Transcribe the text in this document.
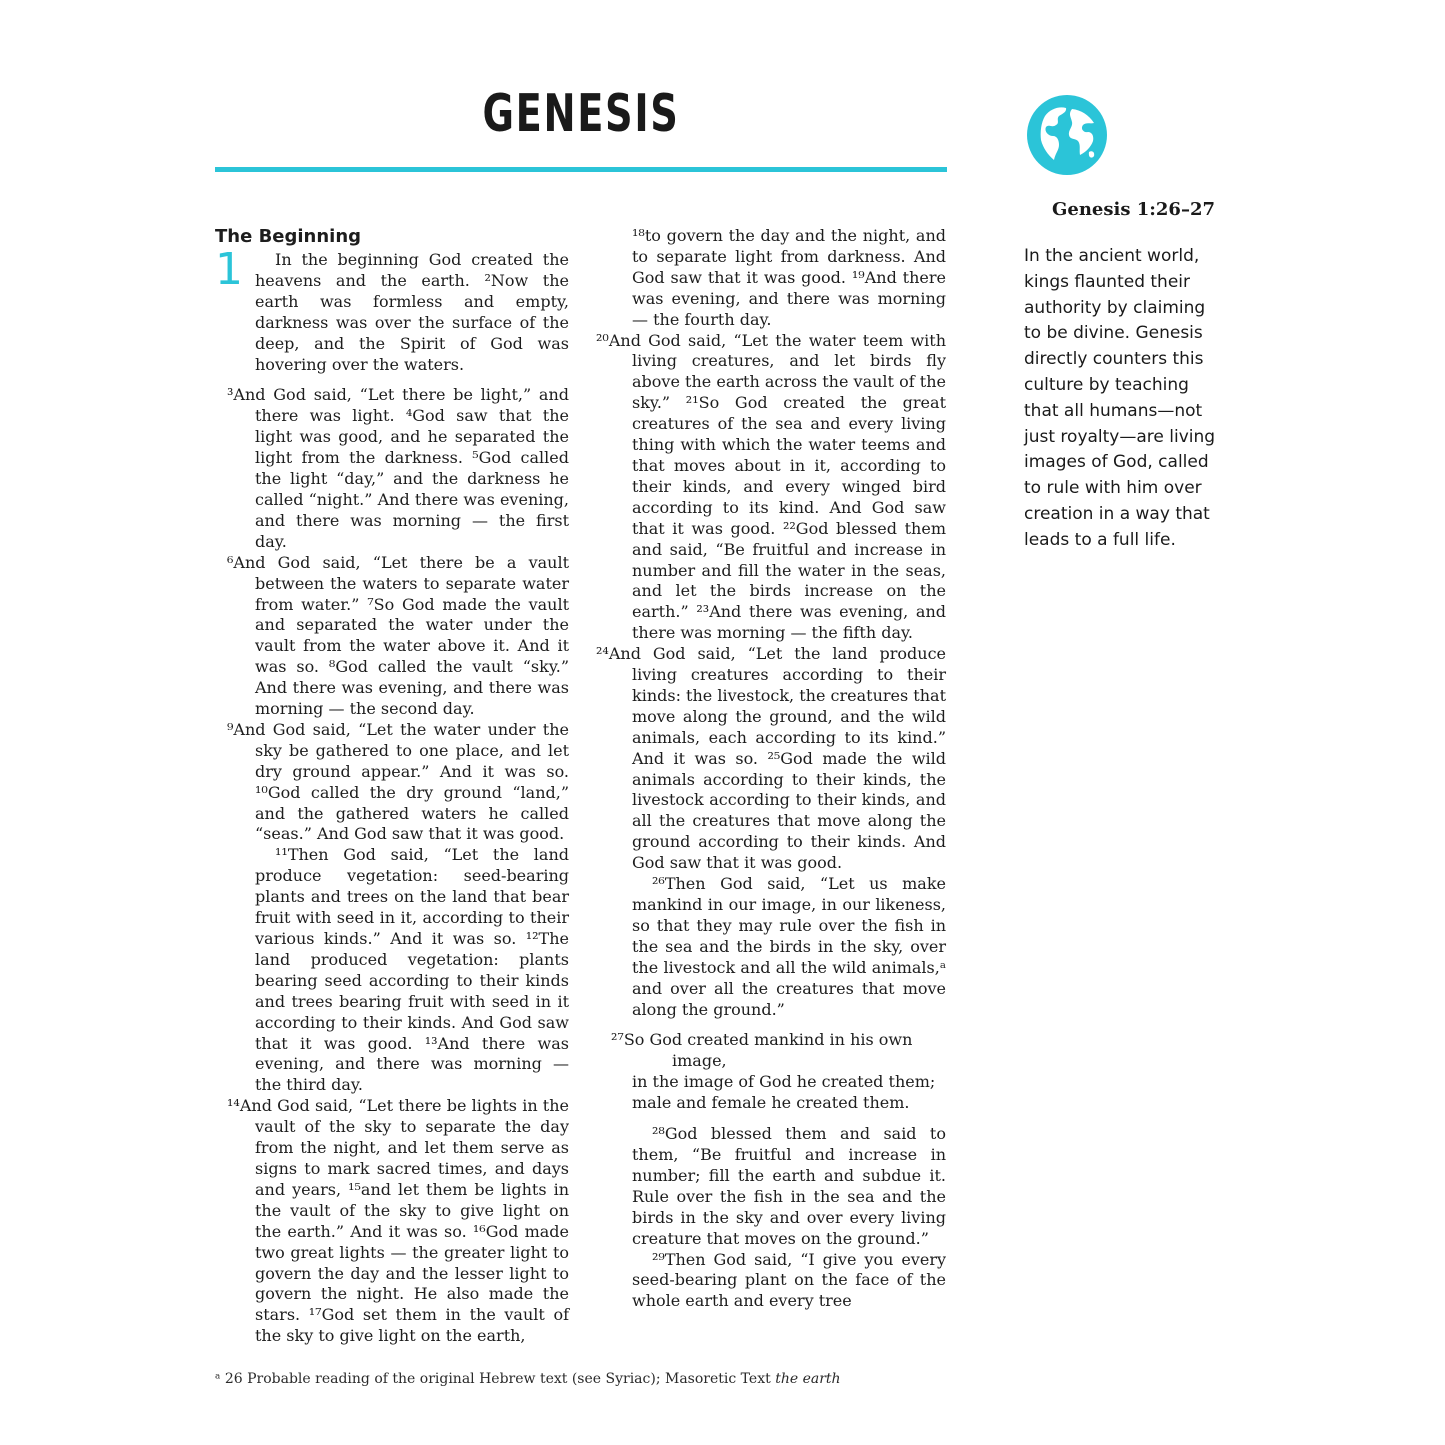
GENESIS
The Beginning
1	In the beginning God created the heavens and the earth. ²Now the earth was formless and empty, darkness was over the surface of the deep, and the Spirit of God was hovering over the waters.

³And God said, “Let there be light,” and there was light. ⁴God saw that the light was good, and he separated the light from the darkness. ⁵God called the light “day,” and the darkness he called “night.” And there was evening, and there was morning — the first day.

⁶And God said, “Let there be a vault between the waters to separate water from water.” ⁷So God made the vault and separated the water under the vault from the water above it. And it was so. ⁸God called the vault “sky.” And there was evening, and there was morning — the second day.

⁹And God said, “Let the water under the sky be gathered to one place, and let dry ground appear.” And it was so. ¹⁰God called the dry ground “land,” and the gathered waters he called “seas.” And God saw that it was good.

¹¹Then God said, “Let the land produce vegetation: seed-bearing plants and trees on the land that bear fruit with seed in it, according to their various kinds.” And it was so. ¹²The land produced vegetation: plants bearing seed according to their kinds and trees bearing fruit with seed in it according to their kinds. And God saw that it was good. ¹³And there was evening, and there was morning — the third day.

¹⁴And God said, “Let there be lights in the vault of the sky to separate the day from the night, and let them serve as signs to mark sacred times, and days and years, ¹⁵and let them be lights in the vault of the sky to give light on the earth.” And it was so. ¹⁶God made two great lights — the greater light to govern the day and the lesser light to govern the night. He also made the stars. ¹⁷God set them in the vault of the sky to give light on the earth,

¹⁸to govern the day and the night, and to separate light from darkness. And God saw that it was good. ¹⁹And there was evening, and there was morning — the fourth day.

²⁰And God said, “Let the water teem with living creatures, and let birds fly above the earth across the vault of the sky.” ²¹So God created the great creatures of the sea and every living thing with which the water teems and that moves about in it, according to their kinds, and every winged bird according to its kind. And God saw that it was good. ²²God blessed them and said, “Be fruitful and increase in number and fill the water in the seas, and let the birds increase on the earth.” ²³And there was evening, and there was morning — the fifth day.

²⁴And God said, “Let the land produce living creatures according to their kinds: the livestock, the creatures that move along the ground, and the wild animals, each according to its kind.” And it was so. ²⁵God made the wild animals according to their kinds, the livestock according to their kinds, and all the creatures that move along the ground according to their kinds. And God saw that it was good.

²⁶Then God said, “Let us make mankind in our image, in our likeness, so that they may rule over the fish in the sea and the birds in the sky, over the livestock and all the wild animals,ᵃ and over all the creatures that move along the ground.”

²⁷So God created mankind in his own

image,

in the image of God he created them;

male and female he created them.

²⁸God blessed them and said to them, “Be fruitful and increase in number; fill the earth and subdue it. Rule over the fish in the sea and the birds in the sky and over every living creature that moves on the ground.”

²⁹Then God said, “I give you every seed-bearing plant on the face of the whole earth and every tree

ᵃ 26 Probable reading of the original Hebrew text (see Syriac); Masoretic Text the earth
Genesis 1:26–27
In the ancient world,
kings flaunted their
authority by claiming
to be divine. Genesis
directly counters this
culture by teaching
that all humans—not
just royalty—are living
images of God, called
to rule with him over
creation in a way that
leads to a full life.
